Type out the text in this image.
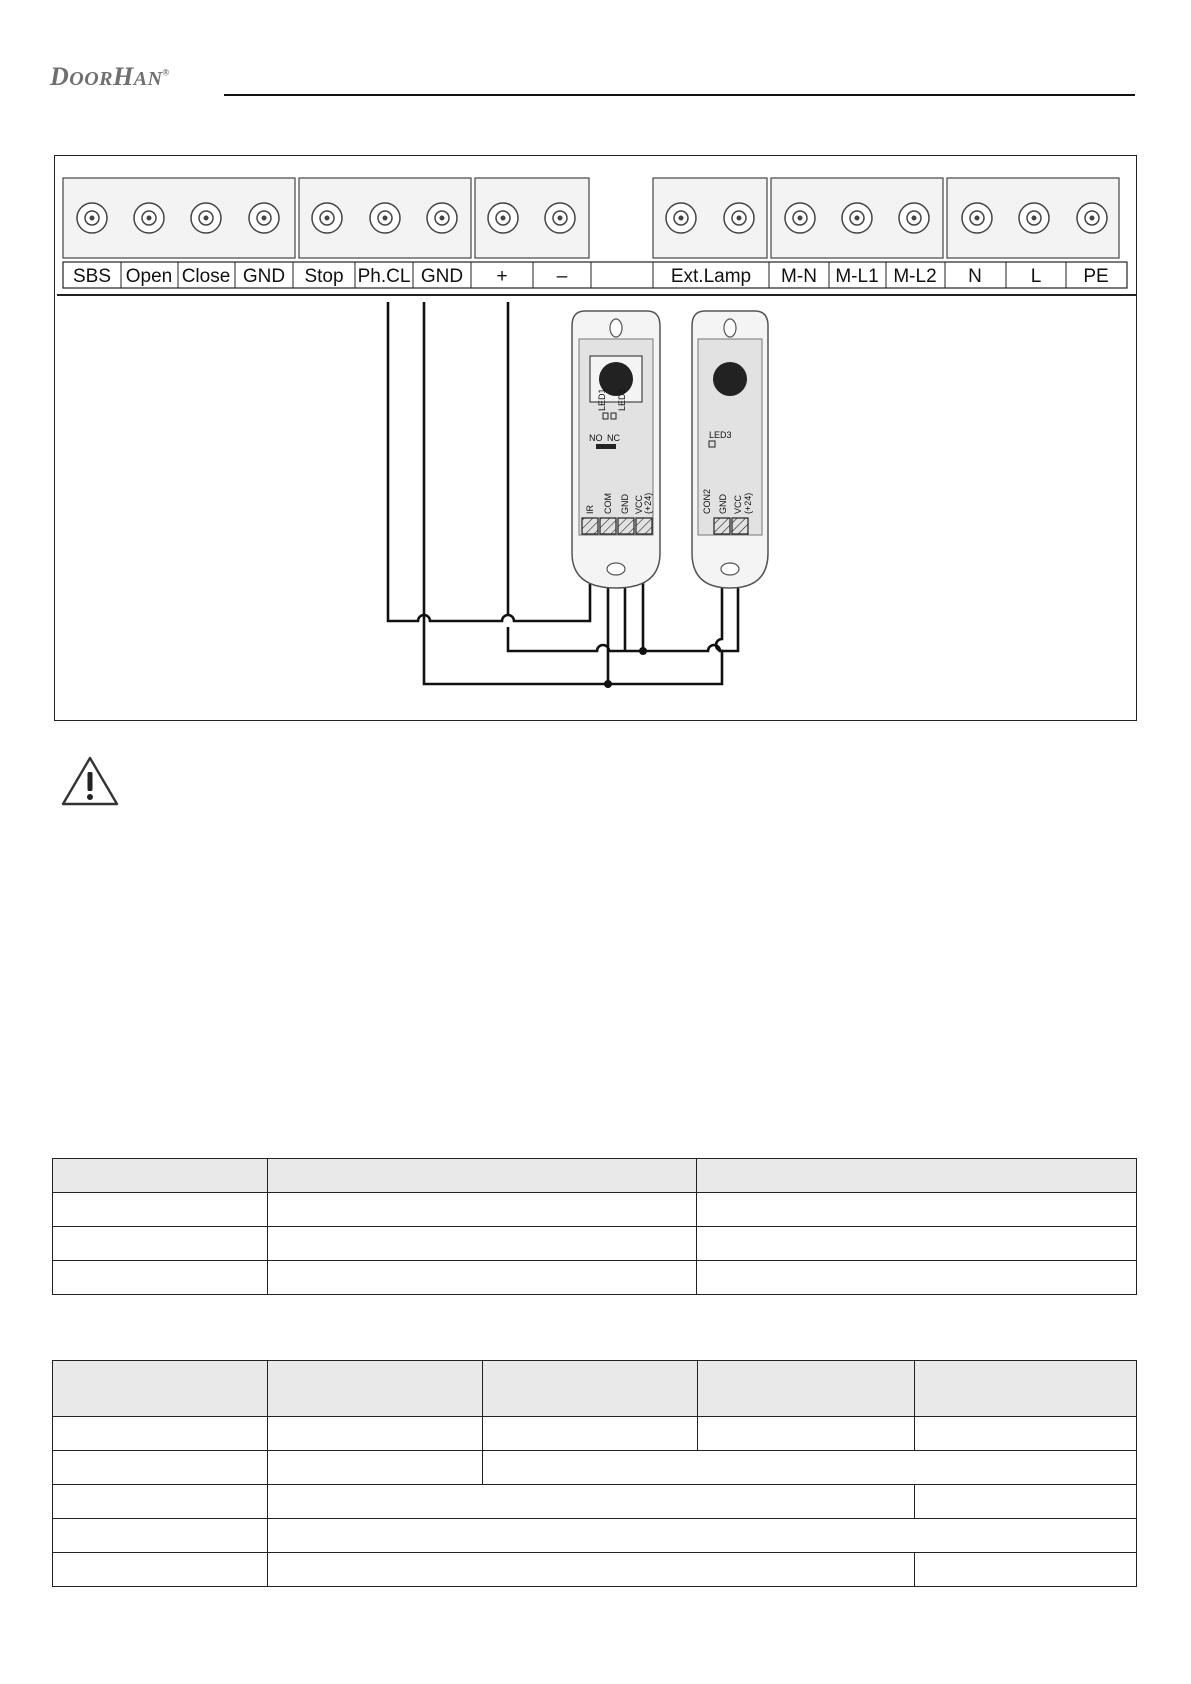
DOORHAN®
SBS Open Close GND Stop Ph.CL GND +	–	Ext.Lamp M-N M-L1 M-L2 N	L PE
LED1 LED2
NO NC
IR COM GND VCC (+24)
LED3
CON2 GND VCC (+24)
